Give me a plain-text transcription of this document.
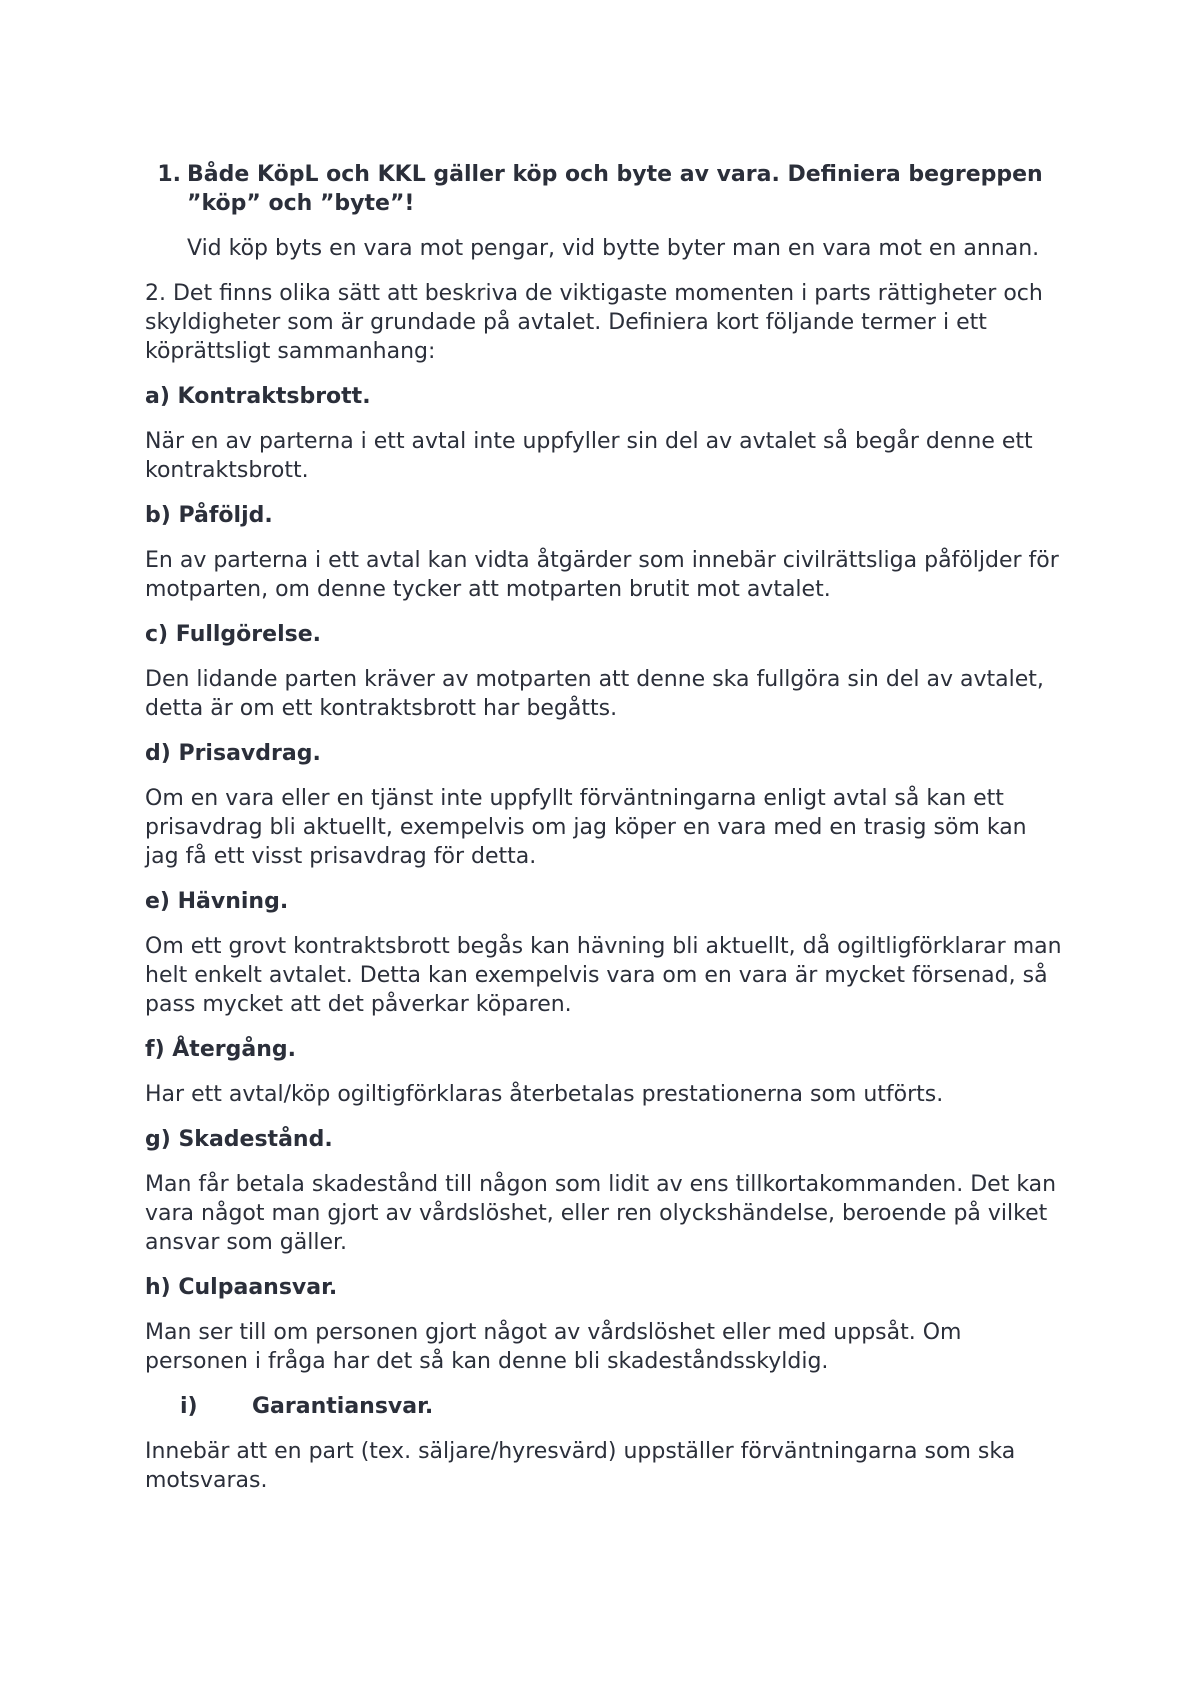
1. Både KöpL och KKL gäller köp och byte av vara. Definiera begreppen ”köp” och ”byte”!

Vid köp byts en vara mot pengar, vid bytte byter man en vara mot en annan.

2. Det finns olika sätt att beskriva de viktigaste momenten i parts rättigheter och skyldigheter som är grundade på avtalet. Definiera kort följande termer i ett köprättsligt sammanhang:

a) Kontraktsbrott.

När en av parterna i ett avtal inte uppfyller sin del av avtalet så begår denne ett kontraktsbrott.

b) Påföljd.

En av parterna i ett avtal kan vidta åtgärder som innebär civilrättsliga påföljder för motparten, om denne tycker att motparten brutit mot avtalet.

c) Fullgörelse.

Den lidande parten kräver av motparten att denne ska fullgöra sin del av avtalet, detta är om ett kontraktsbrott har begåtts.

d) Prisavdrag.

Om en vara eller en tjänst inte uppfyllt förväntningarna enligt avtal så kan ett prisavdrag bli aktuellt, exempelvis om jag köper en vara med en trasig söm kan jag få ett visst prisavdrag för detta.

e) Hävning.

Om ett grovt kontraktsbrott begås kan hävning bli aktuellt, då ogiltligförklarar man helt enkelt avtalet. Detta kan exempelvis vara om en vara är mycket försenad, så pass mycket att det påverkar köparen.

f) Återgång.

Har ett avtal/köp ogiltigförklaras återbetalas prestationerna som utförts.

g) Skadestånd.

Man får betala skadestånd till någon som lidit av ens tillkortakommanden. Det kan vara något man gjort av vårdslöshet, eller ren olyckshändelse, beroende på vilket ansvar som gäller.

h) Culpaansvar.

Man ser till om personen gjort något av vårdslöshet eller med uppsåt. Om personen i fråga har det så kan denne bli skadeståndsskyldig.

i)	Garantiansvar.

Innebär att en part (tex. säljare/hyresvärd) uppställer förväntningarna som ska motsvaras.
